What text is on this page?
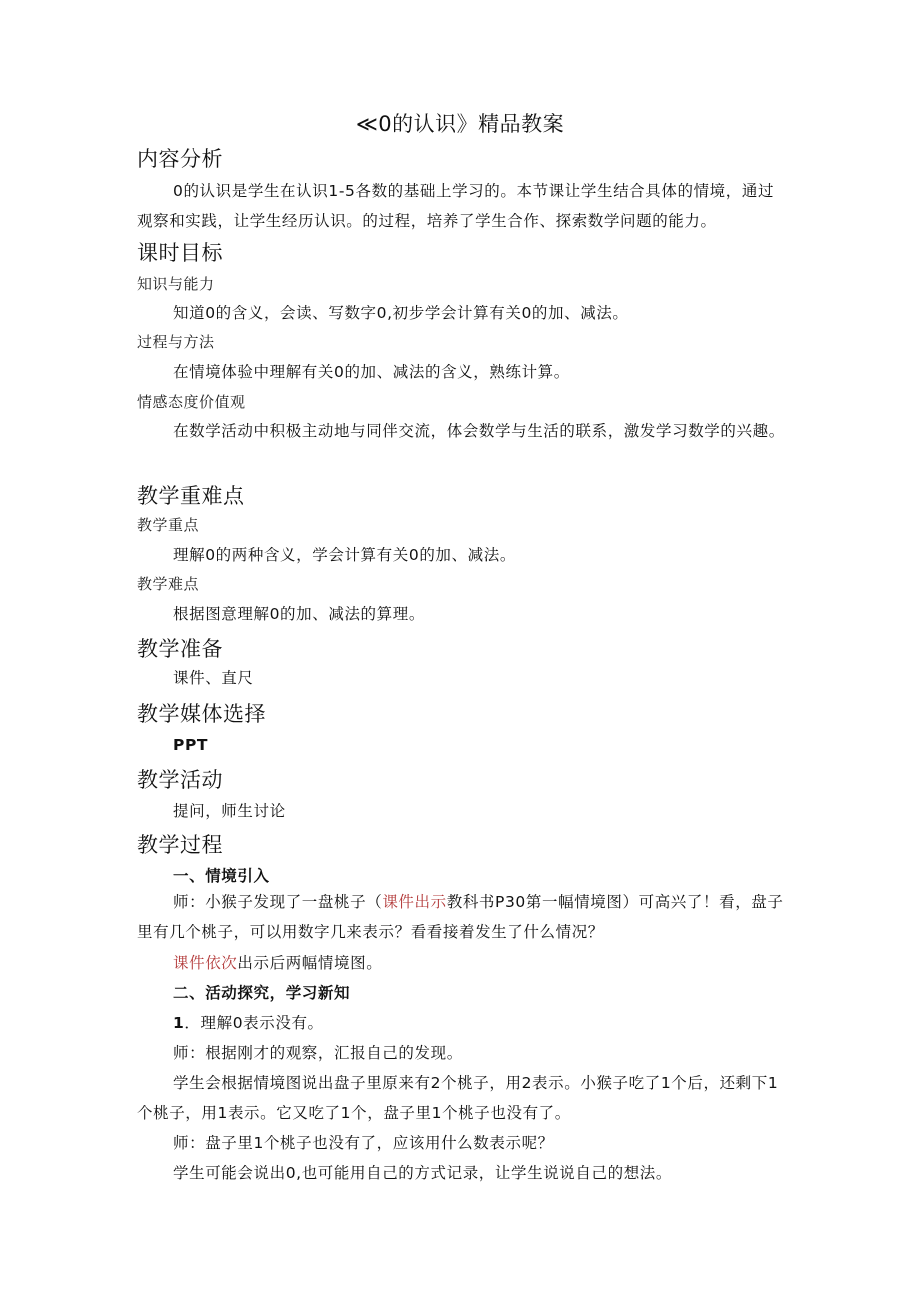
≪0的认识》精品教案
内容分析
0的认识是学生在认识1-5各数的基础上学习的。本节课让学生结合具体的情境，通过观察和实践，让学生经历认识。的过程，培养了学生合作、探索数学问题的能力。
课时目标
知识与能力
知道0的含义，会读、写数字0,初步学会计算有关0的加、减法。
过程与方法
在情境体验中理解有关0的加、减法的含义，熟练计算。
情感态度价值观
在数学活动中积极主动地与同伴交流，体会数学与生活的联系，激发学习数学的兴趣。
教学重难点
教学重点
理解0的两种含义，学会计算有关0的加、减法。
教学难点
根据图意理解0的加、减法的算理。
教学准备
课件、直尺
教学媒体选择
PPT
教学活动
提问，师生讨论
教学过程
一、情境引入
师：小猴子发现了一盘桃子（课件出示教科书P30第一幅情境图）可高兴了！看，盘子里有几个桃子，可以用数字几来表示？看看接着发生了什么情况？
课件依次出示后两幅情境图。
二、活动探究，学习新知
1．理解0表示没有。
师：根据刚才的观察，汇报自己的发现。
学生会根据情境图说出盘子里原来有2个桃子，用2表示。小猴子吃了1个后，还剩下1个桃子，用1表示。它又吃了1个，盘子里1个桃子也没有了。
师：盘子里1个桃子也没有了，应该用什么数表示呢？
学生可能会说出0,也可能用自己的方式记录，让学生说说自己的想法。
